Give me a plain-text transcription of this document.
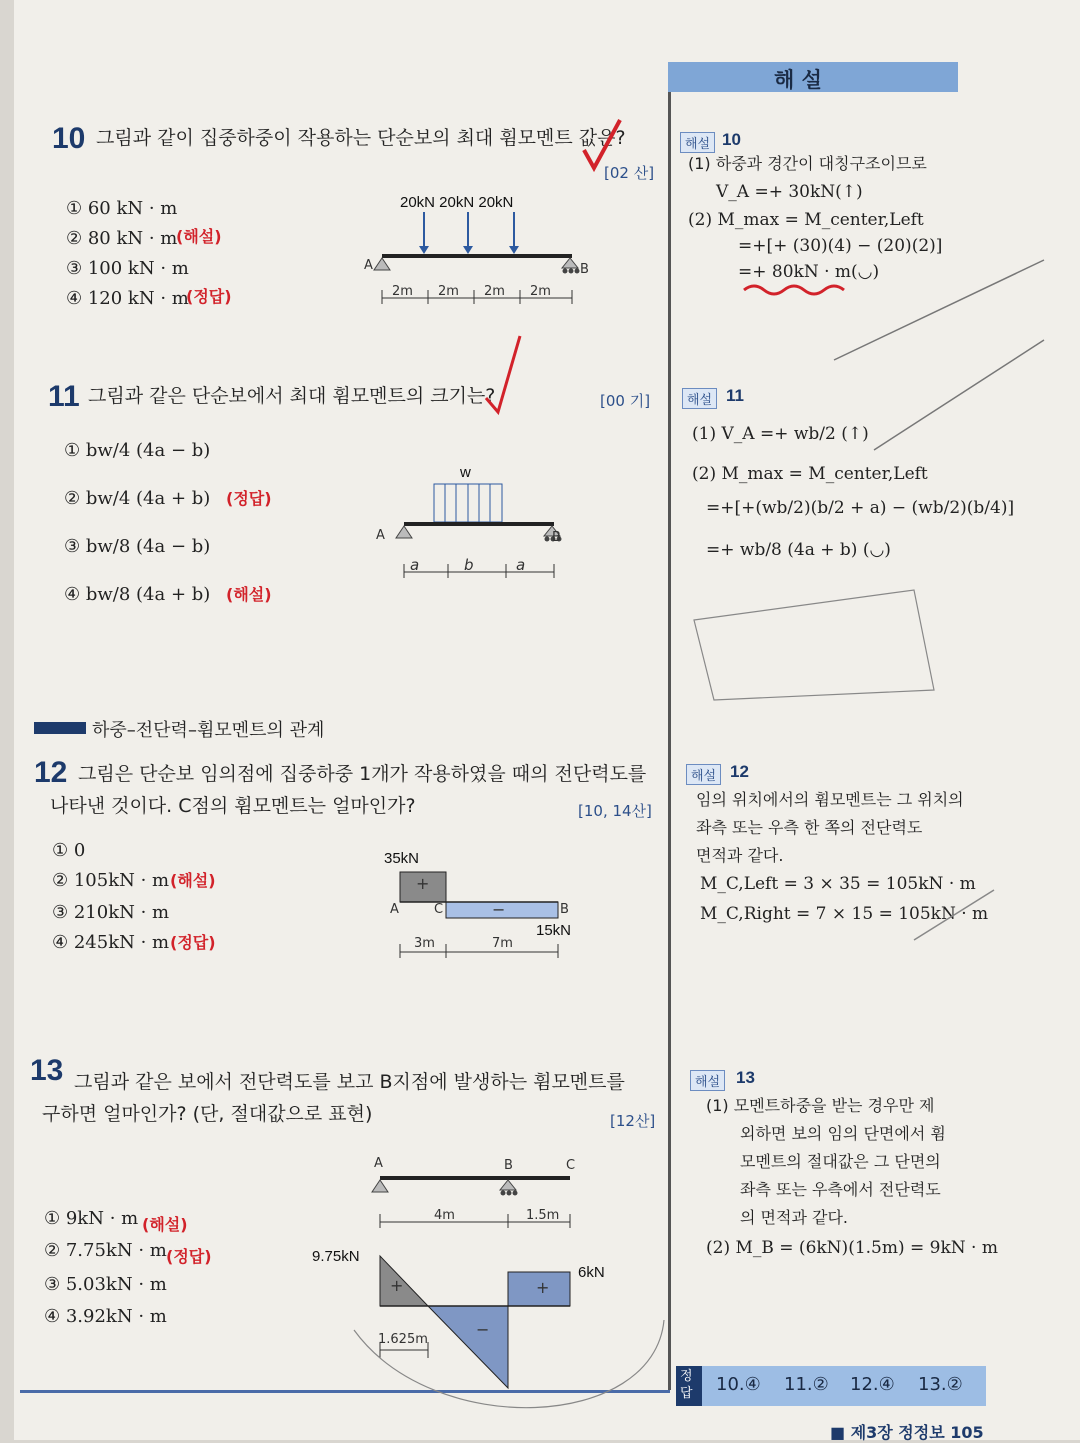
해 설
10 그림과 같이 집중하중이 작용하는 단순보의 최대 휨모멘트 값은?
[02 산]
① 60 kN · m
② 80 kN · m
(해설)
③ 100 kN · m
④ 120 kN · m
(정답)
20kN 20kN 20kN
A	B
2m 2m 2m 2m
11 그림과 같은 단순보에서 최대 휨모멘트의 크기는?	[00 기]
① bw/4 (4a − b)
② bw/4 (4a + b) (정답)
③ bw/8 (4a − b)
④ bw/8 (4a + b) (해설)
w
A	B
a	b	a
하중–전단력–휨모멘트의 관계
12 그림은 단순보 임의점에 집중하중 1개가 작용하였을 때의 전단력도를
나타낸 것이다. C점의 휨모멘트는 얼마인가?	[10, 14산]
① 0
② 105kN · m (해설)
③ 210kN · m
④ 245kN · m (정답)
35kN
+
−
A	C	B
15kN
3m	7m
13 그림과 같은 보에서 전단력도를 보고 B지점에 발생하는 휨모멘트를
구하면 얼마인가? (단, 절대값으로 표현)	[12산]
① 9kN · m (해설)
② 7.75kN · m (정답)
③ 5.03kN · m
④ 3.92kN · m
A	B	C
4m	1.5m
9.75kN
6kN
+	+
−
1.625m
해설 10
(1) 하중과 경간이 대칭구조이므로
V_A =+ 30kN(↑)
(2) M_max = M_center,Left
=+[+ (30)(4) − (20)(2)]
=+ 80kN · m(◡)
해설 11
(1) V_A =+ wb/2 (↑)
(2) M_max = M_center,Left
=+[+(wb/2)(b/2 + a) − (wb/2)(b/4)]
=+ wb/8 (4a + b) (◡)
해설 12
임의 위치에서의 휨모멘트는 그 위치의
좌측 또는 우측 한 쪽의 전단력도
면적과 같다.
M_C,Left = 3 × 35 = 105kN · m
M_C,Right = 7 × 15 = 105kN · m
해설 13
(1) 모멘트하중을 받는 경우만 제
외하면 보의 임의 단면에서 휨
모멘트의 절대값은 그 단면의
좌측 또는 우측에서 전단력도
의 면적과 같다.
(2) M_B = (6kN)(1.5m) = 9kN · m
정답	10.④ 11.② 12.④ 13.②
■ 제3장 정정보 105
